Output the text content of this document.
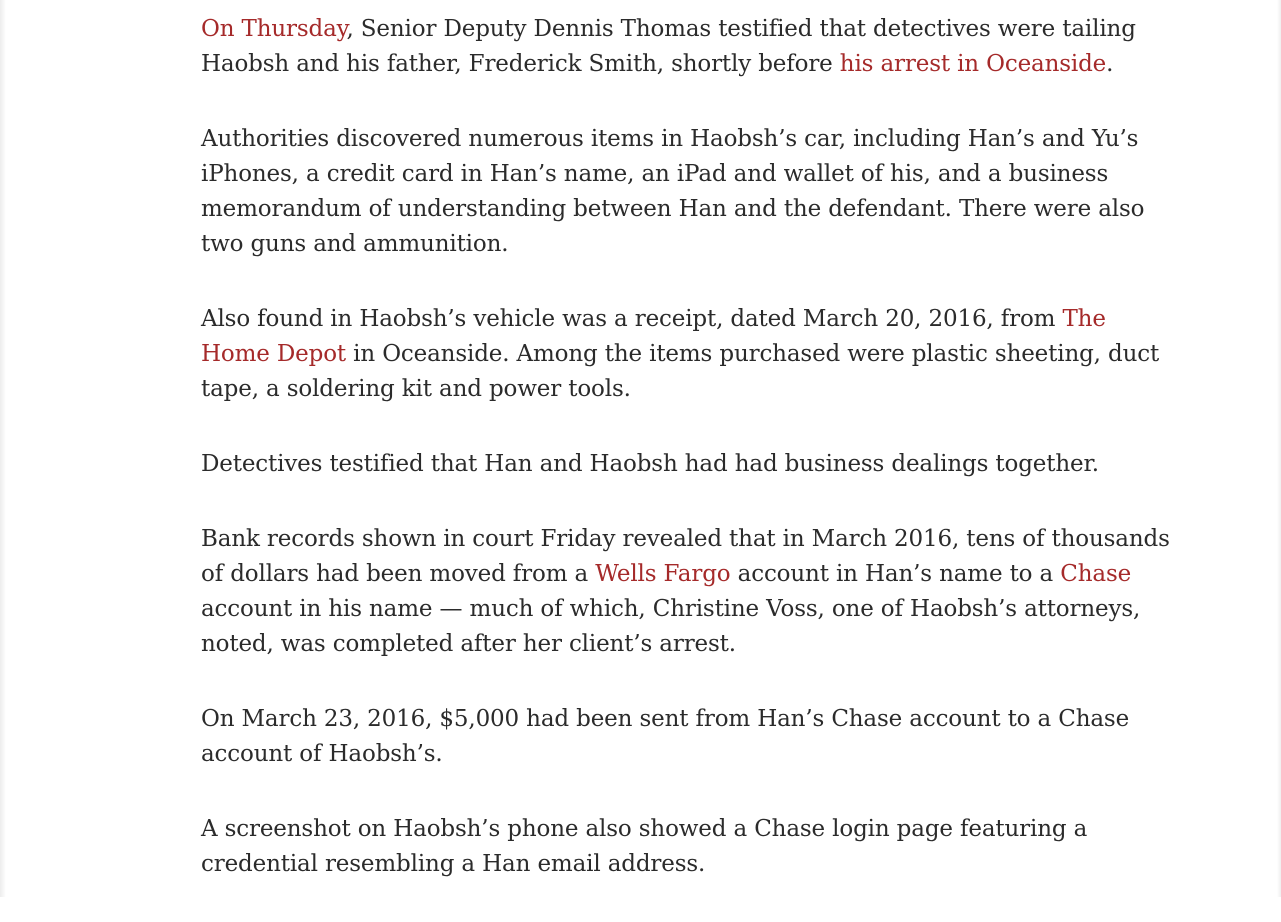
On Thursday, Senior Deputy Dennis Thomas testified that detectives were tailing Haobsh and his father, Frederick Smith, shortly before his arrest in Oceanside.

Authorities discovered numerous items in Haobsh’s car, including Han’s and Yu’s iPhones, a credit card in Han’s name, an iPad and wallet of his, and a business memorandum of understanding between Han and the defendant. There were also two guns and ammunition.

Also found in Haobsh’s vehicle was a receipt, dated March 20, 2016, from The Home Depot in Oceanside. Among the items purchased were plastic sheeting, duct tape, a soldering kit and power tools.

Detectives testified that Han and Haobsh had had business dealings together.

Bank records shown in court Friday revealed that in March 2016, tens of thousands of dollars had been moved from a Wells Fargo account in Han’s name to a Chase account in his name — much of which, Christine Voss, one of Haobsh’s attorneys, noted, was completed after her client’s arrest.

On March 23, 2016, $5,000 had been sent from Han’s Chase account to a Chase account of Haobsh’s.

A screenshot on Haobsh’s phone also showed a Chase login page featuring a credential resembling a Han email address.
